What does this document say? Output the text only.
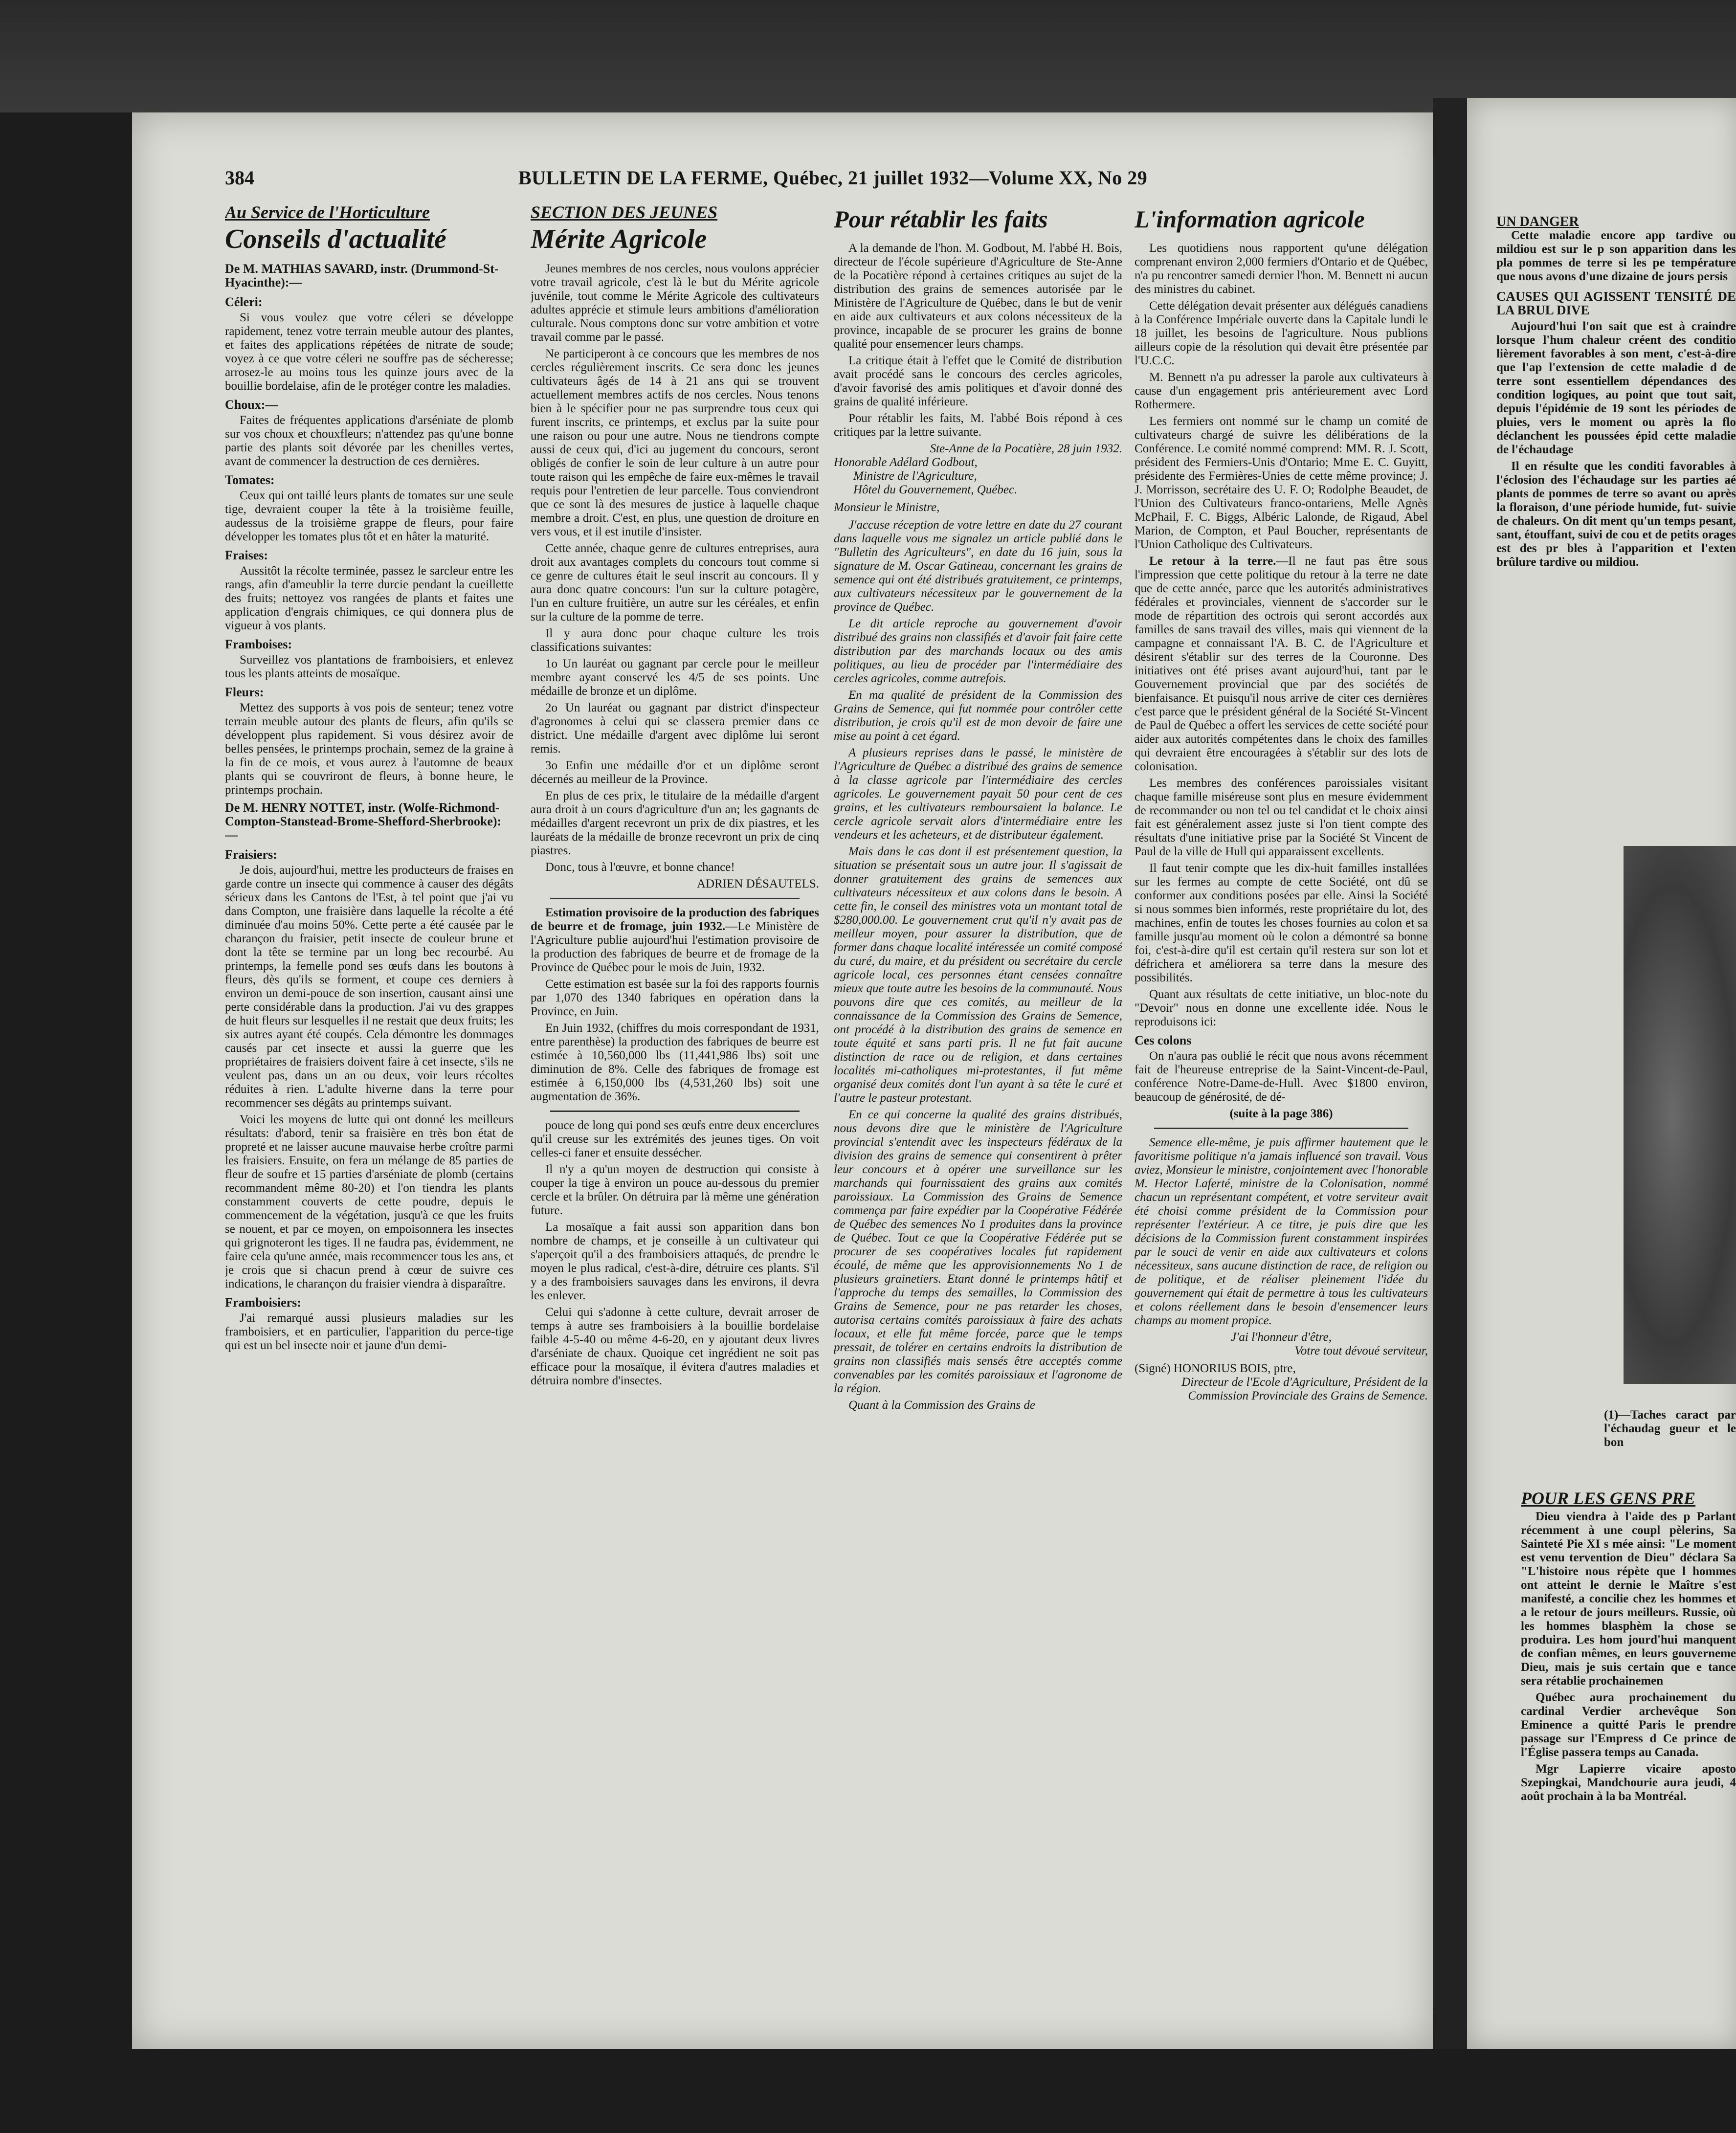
384	BULLETIN DE LA FERME, Québec, 21 juillet 1932—Volume XX, No 29
Au Service de l'Horticulture
Conseils d'actualité
De M. MATHIAS SAVARD, instr. (Drummond-St-Hyacinthe):—
Céleri:

Si vous voulez que votre céleri se développe rapidement, tenez votre terrain meuble autour des plantes, et faites des applications répétées de nitrate de soude; voyez à ce que votre céleri ne souffre pas de sécheresse; arrosez-le au moins tous les quinze jours avec de la bouillie bordelaise, afin de le protéger contre les maladies.

Choux:—

Faites de fréquentes applications d'arséniate de plomb sur vos choux et chouxfleurs; n'attendez pas qu'une bonne partie des plants soit dévorée par les chenilles vertes, avant de commencer la destruction de ces dernières.

Tomates:

Ceux qui ont taillé leurs plants de tomates sur une seule tige, devraient couper la tête à la troisième feuille, audessus de la troisième grappe de fleurs, pour faire développer les tomates plus tôt et en hâter la maturité.

Fraises:

Aussitôt la récolte terminée, passez le sarcleur entre les rangs, afin d'ameublir la terre durcie pendant la cueillette des fruits; nettoyez vos rangées de plants et faites une application d'engrais chimiques, ce qui donnera plus de vigueur à vos plants.

Framboises:

Surveillez vos plantations de framboisiers, et enlevez tous les plants atteints de mosaïque.

Fleurs:

Mettez des supports à vos pois de senteur; tenez votre terrain meuble autour des plants de fleurs, afin qu'ils se développent plus rapidement. Si vous désirez avoir de belles pensées, le printemps prochain, semez de la graine à la fin de ce mois, et vous aurez à l'automne de beaux plants qui se couvriront de fleurs, à bonne heure, le printemps prochain.

De M. HENRY NOTTET, instr. (Wolfe-Richmond-Compton-Stanstead-Brome-Shefford-Sherbrooke):—
Fraisiers:

Je dois, aujourd'hui, mettre les producteurs de fraises en garde contre un insecte qui commence à causer des dégâts sérieux dans les Cantons de l'Est, à tel point que j'ai vu dans Compton, une fraisière dans laquelle la récolte a été diminuée d'au moins 50%. Cette perte a été causée par le charançon du fraisier, petit insecte de couleur brune et dont la tête se termine par un long bec recourbé. Au printemps, la femelle pond ses œufs dans les boutons à fleurs, dès qu'ils se forment, et coupe ces derniers à environ un demi-pouce de son insertion, causant ainsi une perte considérable dans la production. J'ai vu des grappes de huit fleurs sur lesquelles il ne restait que deux fruits; les six autres ayant été coupés. Cela démontre les dommages causés par cet insecte et aussi la guerre que les propriétaires de fraisiers doivent faire à cet insecte, s'ils ne veulent pas, dans un an ou deux, voir leurs récoltes réduites à rien. L'adulte hiverne dans la terre pour recommencer ses dégâts au printemps suivant.

Voici les moyens de lutte qui ont donné les meilleurs résultats: d'abord, tenir sa fraisière en très bon état de propreté et ne laisser aucune mauvaise herbe croître parmi les fraisiers. Ensuite, on fera un mélange de 85 parties de fleur de soufre et 15 parties d'arséniate de plomb (certains recommandent même 80-20) et l'on tiendra les plants constamment couverts de cette poudre, depuis le commencement de la végétation, jusqu'à ce que les fruits se nouent, et par ce moyen, on empoisonnera les insectes qui grignoteront les tiges. Il ne faudra pas, évidemment, ne faire cela qu'une année, mais recommencer tous les ans, et je crois que si chacun prend à cœur de suivre ces indications, le charançon du fraisier viendra à disparaître.

Framboisiers:

J'ai remarqué aussi plusieurs maladies sur les framboisiers, et en particulier, l'apparition du perce-tige qui est un bel insecte noir et jaune d'un demi-

SECTION DES JEUNES
Mérite Agricole

Jeunes membres de nos cercles, nous voulons apprécier votre travail agricole, c'est là le but du Mérite agricole juvénile, tout comme le Mérite Agricole des cultivateurs adultes apprécie et stimule leurs ambitions d'amélioration culturale. Nous comptons donc sur votre ambition et votre travail comme par le passé.

Ne participeront à ce concours que les membres de nos cercles régulièrement inscrits. Ce sera donc les jeunes cultivateurs âgés de 14 à 21 ans qui se trouvent actuellement membres actifs de nos cercles. Nous tenons bien à le spécifier pour ne pas surprendre tous ceux qui furent inscrits, ce printemps, et exclus par la suite pour une raison ou pour une autre. Nous ne tiendrons compte aussi de ceux qui, d'ici au jugement du concours, seront obligés de confier le soin de leur culture à un autre pour toute raison qui les empêche de faire eux-mêmes le travail requis pour l'entretien de leur parcelle. Tous conviendront que ce sont là des mesures de justice à laquelle chaque membre a droit. C'est, en plus, une question de droiture en vers vous, et il est inutile d'insister.

Cette année, chaque genre de cultures entreprises, aura droit aux avantages complets du concours tout comme si ce genre de cultures était le seul inscrit au concours. Il y aura donc quatre concours: l'un sur la culture potagère, l'un en culture fruitière, un autre sur les céréales, et enfin sur la culture de la pomme de terre.

Il y aura donc pour chaque culture les trois classifications suivantes:

1o Un lauréat ou gagnant par cercle pour le meilleur membre ayant conservé les 4/5 de ses points. Une médaille de bronze et un diplôme.

2o Un lauréat ou gagnant par district d'inspecteur d'agronomes à celui qui se classera premier dans ce district. Une médaille d'argent avec diplôme lui seront remis.

3o Enfin une médaille d'or et un diplôme seront décernés au meilleur de la Province.

En plus de ces prix, le titulaire de la médaille d'argent aura droit à un cours d'agriculture d'un an; les gagnants de médailles d'argent recevront un prix de dix piastres, et les lauréats de la médaille de bronze recevront un prix de cinq piastres.

Donc, tous à l'œuvre, et bonne chance!

ADRIEN DÉSAUTELS.

Estimation provisoire de la production des fabriques de beurre et de fromage, juin 1932.—Le Ministère de l'Agriculture publie aujourd'hui l'estimation provisoire de la production des fabriques de beurre et de fromage de la Province de Québec pour le mois de Juin, 1932.

Cette estimation est basée sur la foi des rapports fournis par 1,070 des 1340 fabriques en opération dans la Province, en Juin.

En Juin 1932, (chiffres du mois correspondant de 1931, entre parenthèse) la production des fabriques de beurre est estimée à 10,560,000 lbs (11,441,986 lbs) soit une diminution de 8%. Celle des fabriques de fromage est estimée à 6,150,000 lbs (4,531,260 lbs) soit une augmentation de 36%.

pouce de long qui pond ses œufs entre deux encerclures qu'il creuse sur les extrémités des jeunes tiges. On voit celles-ci faner et ensuite dessécher.

Il n'y a qu'un moyen de destruction qui consiste à couper la tige à environ un pouce au-dessous du premier cercle et la brûler. On détruira par là même une génération future.

La mosaïque a fait aussi son apparition dans bon nombre de champs, et je conseille à un cultivateur qui s'aperçoit qu'il a des framboisiers attaqués, de prendre le moyen le plus radical, c'est-à-dire, détruire ces plants. S'il y a des framboisiers sauvages dans les environs, il devra les enlever.

Celui qui s'adonne à cette culture, devrait arroser de temps à autre ses framboisiers à la bouillie bordelaise faible 4-5-40 ou même 4-6-20, en y ajoutant deux livres d'arséniate de chaux. Quoique cet ingrédient ne soit pas efficace pour la mosaïque, il évitera d'autres maladies et détruira nombre d'insectes.

Pour rétablir les faits

A la demande de l'hon. M. Godbout, M. l'abbé H. Bois, directeur de l'école supérieure d'Agriculture de Ste-Anne de la Pocatière répond à certaines critiques au sujet de la distribution des grains de semences autorisée par le Ministère de l'Agriculture de Québec, dans le but de venir en aide aux cultivateurs et aux colons nécessiteux de la province, incapable de se procurer les grains de bonne qualité pour ensemencer leurs champs.

La critique était à l'effet que le Comité de distribution avait procédé sans le concours des cercles agricoles, d'avoir favorisé des amis politiques et d'avoir donné des grains de qualité inférieure.

Pour rétablir les faits, M. l'abbé Bois répond à ces critiques par la lettre suivante.

Ste-Anne de la Pocatière, 28 juin 1932.
Honorable Adélard Godbout,
Ministre de l'Agriculture,
Hôtel du Gouvernement, Québec.
Monsieur le Ministre,

J'accuse réception de votre lettre en date du 27 courant dans laquelle vous me signalez un article publié dans le "Bulletin des Agriculteurs", en date du 16 juin, sous la signature de M. Oscar Gatineau, concernant les grains de semence qui ont été distribués gratuitement, ce printemps, aux cultivateurs nécessiteux par le gouvernement de la province de Québec.

Le dit article reproche au gouvernement d'avoir distribué des grains non classifiés et d'avoir fait faire cette distribution par des marchands locaux ou des amis politiques, au lieu de procéder par l'intermédiaire des cercles agricoles, comme autrefois.

En ma qualité de président de la Commission des Grains de Semence, qui fut nommée pour contrôler cette distribution, je crois qu'il est de mon devoir de faire une mise au point à cet égard.

A plusieurs reprises dans le passé, le ministère de l'Agriculture de Québec a distribué des grains de semence à la classe agricole par l'intermédiaire des cercles agricoles. Le gouvernement payait 50 pour cent de ces grains, et les cultivateurs remboursaient la balance. Le cercle agricole servait alors d'intermédiaire entre les vendeurs et les acheteurs, et de distributeur également.

Mais dans le cas dont il est présentement question, la situation se présentait sous un autre jour. Il s'agissait de donner gratuitement des grains de semences aux cultivateurs nécessiteux et aux colons dans le besoin. A cette fin, le conseil des ministres vota un montant total de $280,000.00. Le gouvernement crut qu'il n'y avait pas de meilleur moyen, pour assurer la distribution, que de former dans chaque localité intéressée un comité composé du curé, du maire, et du président ou secrétaire du cercle agricole local, ces personnes étant censées connaître mieux que toute autre les besoins de la communauté. Nous pouvons dire que ces comités, au meilleur de la connaissance de la Commission des Grains de Semence, ont procédé à la distribution des grains de semence en toute équité et sans parti pris. Il ne fut fait aucune distinction de race ou de religion, et dans certaines localités mi-catholiques mi-protestantes, il fut même organisé deux comités dont l'un ayant à sa tête le curé et l'autre le pasteur protestant.

En ce qui concerne la qualité des grains distribués, nous devons dire que le ministère de l'Agriculture provincial s'entendit avec les inspecteurs fédéraux de la division des grains de semence qui consentirent à prêter leur concours et à opérer une surveillance sur les marchands qui fournissaient des grains aux comités paroissiaux. La Commission des Grains de Semence commença par faire expédier par la Coopérative Fédérée de Québec des semences No 1 produites dans la province de Québec. Tout ce que la Coopérative Fédérée put se procurer de ses coopératives locales fut rapidement écoulé, de même que les approvisionnements No 1 de plusieurs grainetiers. Etant donné le printemps hâtif et l'approche du temps des semailles, la Commission des Grains de Semence, pour ne pas retarder les choses, autorisa certains comités paroissiaux à faire des achats locaux, et elle fut même forcée, parce que le temps pressait, de tolérer en certains endroits la distribution de grains non classifiés mais sensés être acceptés comme convenables par les comités paroissiaux et l'agronome de la région.

Quant à la Commission des Grains de

L'information agricole

Les quotidiens nous rapportent qu'une délégation comprenant environ 2,000 fermiers d'Ontario et de Québec, n'a pu rencontrer samedi dernier l'hon. M. Bennett ni aucun des ministres du cabinet.

Cette délégation devait présenter aux délégués canadiens à la Conférence Impériale ouverte dans la Capitale lundi le 18 juillet, les besoins de l'agriculture. Nous publions ailleurs copie de la résolution qui devait être présentée par l'U.C.C.

M. Bennett n'a pu adresser la parole aux cultivateurs à cause d'un engagement pris antérieurement avec Lord Rothermere.

Les fermiers ont nommé sur le champ un comité de cultivateurs chargé de suivre les délibérations de la Conférence. Le comité nommé comprend: MM. R. J. Scott, président des Fermiers-Unis d'Ontario; Mme E. C. Guyitt, présidente des Fermières-Unies de cette même province; J. J. Morrisson, secrétaire des U. F. O; Rodolphe Beaudet, de l'Union des Cultivateurs franco-ontariens, Melle Agnès McPhail, F. C. Biggs, Albéric Lalonde, de Rigaud, Abel Marion, de Compton, et Paul Boucher, représentants de l'Union Catholique des Cultivateurs.

Le retour à la terre.—Il ne faut pas être sous l'impression que cette politique du retour à la terre ne date que de cette année, parce que les autorités administratives fédérales et provinciales, viennent de s'accorder sur le mode de répartition des octrois qui seront accordés aux familles de sans travail des villes, mais qui viennent de la campagne et connaissant l'A. B. C. de l'Agriculture et désirent s'établir sur des terres de la Couronne. Des initiatives ont été prises avant aujourd'hui, tant par le Gouvernement provincial que par des sociétés de bienfaisance. Et puisqu'il nous arrive de citer ces dernières c'est parce que le président général de la Société St-Vincent de Paul de Québec a offert les services de cette société pour aider aux autorités compétentes dans le choix des familles qui devraient être encouragées à s'établir sur des lots de colonisation.

Les membres des conférences paroissiales visitant chaque famille miséreuse sont plus en mesure évidemment de recommander ou non tel ou tel candidat et le choix ainsi fait est généralement assez juste si l'on tient compte des résultats d'une initiative prise par la Société St Vincent de Paul de la ville de Hull qui apparaissent excellents.

Il faut tenir compte que les dix-huit familles installées sur les fermes au compte de cette Société, ont dû se conformer aux conditions posées par elle. Ainsi la Société si nous sommes bien informés, reste propriétaire du lot, des machines, enfin de toutes les choses fournies au colon et sa famille jusqu'au moment où le colon a démontré sa bonne foi, c'est-à-dire qu'il est certain qu'il restera sur son lot et défrichera et améliorera sa terre dans la mesure des possibilités.

Quant aux résultats de cette initiative, un bloc-note du "Devoir" nous en donne une excellente idée. Nous le reproduisons ici:

Ces colons

On n'aura pas oublié le récit que nous avons récemment fait de l'heureuse entreprise de la Saint-Vincent-de-Paul, conférence Notre-Dame-de-Hull. Avec $1800 environ, beaucoup de générosité, de dé-

(suite à la page 386)

Semence elle-même, je puis affirmer hautement que le favoritisme politique n'a jamais influencé son travail. Vous aviez, Monsieur le ministre, conjointement avec l'honorable M. Hector Laferté, ministre de la Colonisation, nommé chacun un représentant compétent, et votre serviteur avait été choisi comme président de la Commission pour représenter l'extérieur. A ce titre, je puis dire que les décisions de la Commission furent constamment inspirées par le souci de venir en aide aux cultivateurs et colons nécessiteux, sans aucune distinction de race, de religion ou de politique, et de réaliser pleinement l'idée du gouvernement qui était de permettre à tous les cultivateurs et colons réellement dans le besoin d'ensemencer leurs champs au moment propice.

J'ai l'honneur d'être,
Votre tout dévoué serviteur,
(Signé) HONORIUS BOIS, ptre,
Directeur de l'Ecole d'Agriculture, Président de la Commission Provinciale des Grains de Semence.
UN DANGER

Cette maladie encore app tardive ou mildiou est sur le p son apparition dans les pla pommes de terre si les pe température que nous avons d'une dizaine de jours persis

CAUSES QUI AGISSENT TENSITÉ DE LA BRUL DIVE

Aujourd'hui l'on sait que est à craindre lorsque l'hum chaleur créent des conditio lièrement favorables à son ment, c'est-à-dire que l'ap l'extension de cette maladie d de terre sont essentiellem dépendances des condition logiques, au point que tout sait, depuis l'épidémie de 19 sont les périodes de pluies, vers le moment ou après la flo déclanchent les poussées épid cette maladie de l'échaudage

Il en résulte que les conditi favorables à l'éclosion des l'échaudage sur les parties aé plants de pommes de terre so avant ou après la floraison, d'une période humide, fut- suivie de chaleurs. On dit ment qu'un temps pesant, sant, étouffant, suivi de cou et de petits orages est des pr bles à l'apparition et l'exten brûlure tardive ou mildiou.

(1)—Taches caract par l'échaudag gueur et le bon
POUR LES GENS PRE

Dieu viendra à l'aide des p Parlant récemment à une coupl pèlerins, Sa Sainteté Pie XI s mée ainsi: "Le moment est venu tervention de Dieu" déclara Sa "L'histoire nous répète que l hommes ont atteint le dernie le Maître s'est manifesté, a concilie chez les hommes et a le retour de jours meilleurs. Russie, où les hommes blasphèm la chose se produira. Les hom jourd'hui manquent de confian mêmes, en leurs gouverneme Dieu, mais je suis certain que e tance sera rétablie prochainemen

Québec aura prochainement du cardinal Verdier archevêque Son Eminence a quitté Paris le prendre passage sur l'Empress d Ce prince de l'Église passera temps au Canada.

Mgr Lapierre vicaire aposto Szepingkai, Mandchourie aura jeudi, 4 août prochain à la ba Montréal.
